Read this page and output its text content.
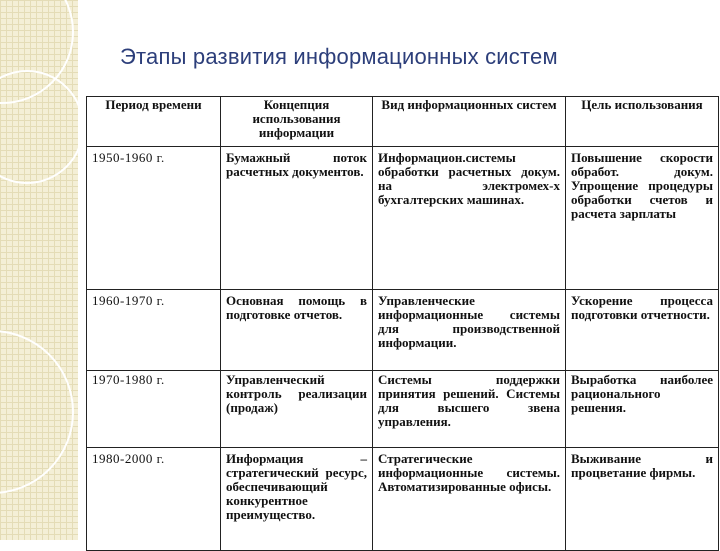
Этапы развития информационных систем
Период времени	Концепция использования информации	Вид информационных систем	Цель использования
1950-1960 г.	Бумажный поток расчетных документов.	Информацион.системы обработки расчетных докум. на электромех-х бухгалтерских машинах.	Повышение скорости обработ. докум. Упрощение процедуры обработки счетов и расчета зарплаты
1960-1970 г.	Основная помощь в подготовке отчетов.	Управленческие информационные системы для производственной информации.	Ускорение процесса подготовки отчетности.
1970-1980 г.	Управленческий контроль реализации (продаж)	Системы поддержки принятия решений. Системы для высшего звена управления.	Выработка наиболее рационального решения.
1980-2000 г.	Информация – стратегический ресурс, обеспечивающий конкурентное преимущество.	Стратегические информационные системы. Автоматизированные офисы.	Выживание и процветание фирмы.
